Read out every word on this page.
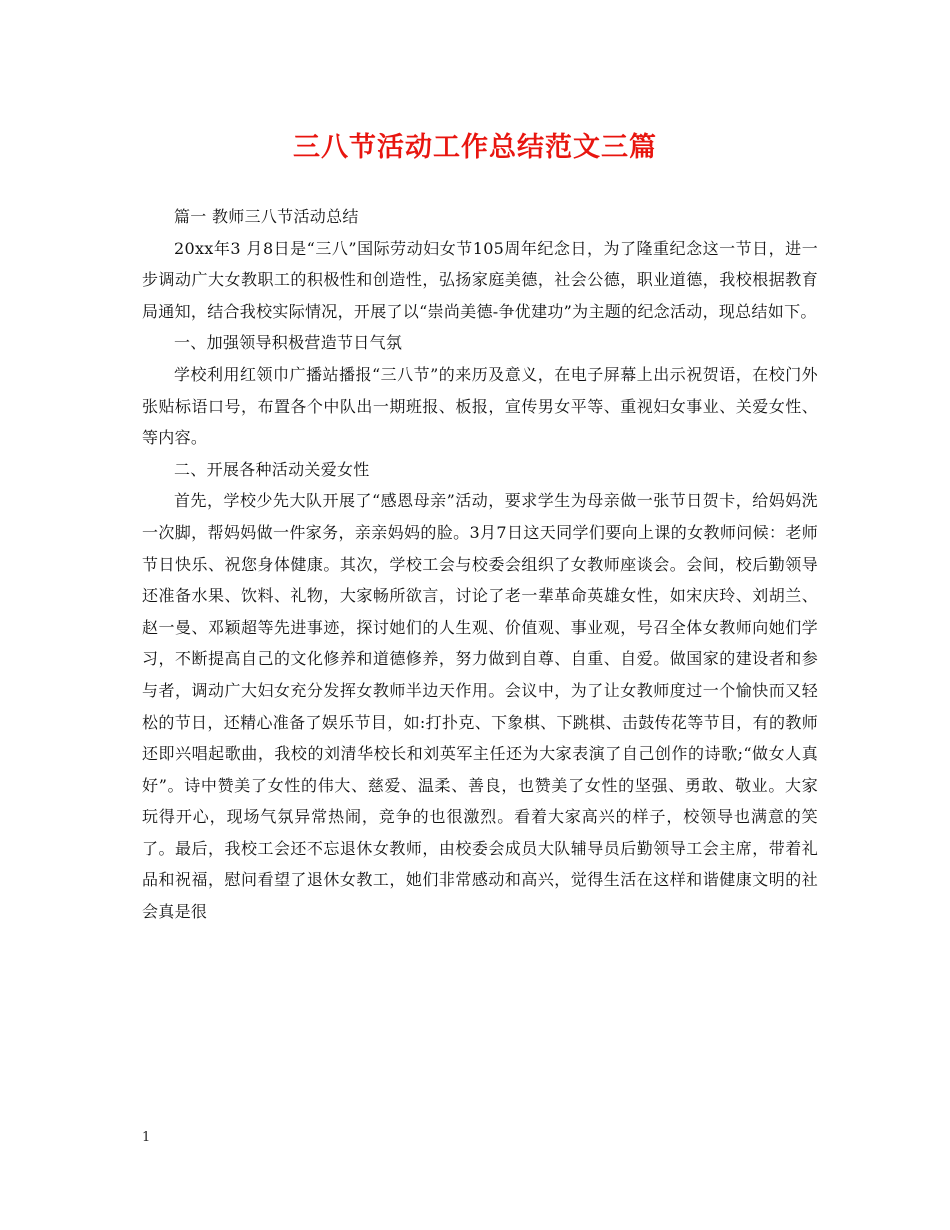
三八节活动工作总结范文三篇

篇一 教师三八节活动总结

20xx年3 月8日是“三八”国际劳动妇女节105周年纪念日，为了隆重纪念这一节日，进一步调动广大女教职工的积极性和创造性，弘扬家庭美德，社会公德，职业道德，我校根据教育局通知，结合我校实际情况，开展了以“崇尚美德-争优建功”为主题的纪念活动，现总结如下。

一、加强领导积极营造节日气氛

学校利用红领巾广播站播报“三八节”的来历及意义，在电子屏幕上出示祝贺语，在校门外张贴标语口号，布置各个中队出一期班报、板报，宣传男女平等、重视妇女事业、关爱女性、等内容。

二、开展各种活动关爱女性

首先，学校少先大队开展了“感恩母亲”活动，要求学生为母亲做一张节日贺卡，给妈妈洗一次脚，帮妈妈做一件家务，亲亲妈妈的脸。3月7日这天同学们要向上课的女教师问候：老师节日快乐、祝您身体健康。其次，学校工会与校委会组织了女教师座谈会。会间，校后勤领导还准备水果、饮料、礼物，大家畅所欲言，讨论了老一辈革命英雄女性，如宋庆玲、刘胡兰、赵一曼、邓颖超等先进事迹，探讨她们的人生观、价值观、事业观，号召全体女教师向她们学习，不断提高自己的文化修养和道德修养，努力做到自尊、自重、自爱。做国家的建设者和参与者，调动广大妇女充分发挥女教师半边天作用。会议中，为了让女教师度过一个愉快而又轻松的节日，还精心准备了娱乐节目，如:打扑克、下象棋、下跳棋、击鼓传花等节目，有的教师还即兴唱起歌曲，我校的刘清华校长和刘英军主任还为大家表演了自己创作的诗歌;“做女人真好”。诗中赞美了女性的伟大、慈爱、温柔、善良，也赞美了女性的坚强、勇敢、敬业。大家玩得开心，现场气氛异常热闹，竞争的也很激烈。看着大家高兴的样子，校领导也满意的笑了。最后，我校工会还不忘退休女教师，由校委会成员大队辅导员后勤领导工会主席，带着礼品和祝福，慰问看望了退休女教工，她们非常感动和高兴，觉得生活在这样和谐健康文明的社会真是很

1
